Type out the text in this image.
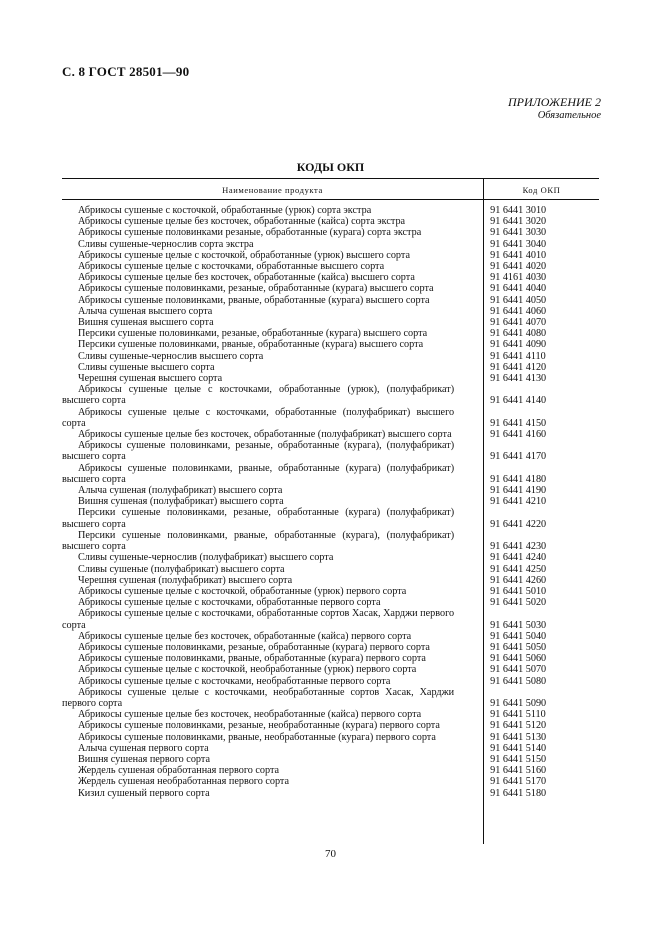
С. 8 ГОСТ 28501—90
ПРИЛОЖЕНИЕ 2
Обязательное
КОДЫ ОКП
Наименование продукта	Код ОКП
Абрикосы сушеные с косточкой, обработанные (урюк) сорта экстра	91 6441 3010
Абрикосы сушеные целые без косточек, обработанные (кайса) сорта экстра	91 6441 3020
Абрикосы сушеные половинками резаные, обработанные (курага) сорта экстра	91 6441 3030
Сливы сушеные-чернослив сорта экстра	91 6441 3040
Абрикосы сушеные целые с косточкой, обработанные (урюк) высшего сорта	91 6441 4010
Абрикосы сушеные целые с косточками, обработанные высшего сорта	91 6441 4020
Абрикосы сушеные целые без косточек, обработанные (кайса) высшего сорта	91 4161 4030
Абрикосы сушеные половинками, резаные, обработанные (курага) высшего сорта	91 6441 4040
Абрикосы сушеные половинками, рваные, обработанные (курага) высшего сорта	91 6441 4050
Алыча сушеная высшего сорта	91 6441 4060
Вишня сушеная высшего сорта	91 6441 4070
Персики сушеные половинками, резаные, обработанные (курага) высшего сорта	91 6441 4080
Персики сушеные половинками, рваные, обработанные (курага) высшего сорта	91 6441 4090
Сливы сушеные-чернослив высшего сорта	91 6441 4110
Сливы сушеные высшего сорта	91 6441 4120
Черешня сушеная высшего сорта	91 6441 4130
Абрикосы сушеные целые с косточками, обработанные (урюк), (полуфабрикат) высшего сорта	91 6441 4140
Абрикосы сушеные целые с косточками, обработанные (полуфабрикат) высшего сорта	91 6441 4150
Абрикосы сушеные целые без косточек, обработанные (полуфабрикат) высшего сорта	91 6441 4160
Абрикосы сушеные половинками, резаные, обработанные (курага), (полуфабрикат) высшего сорта	91 6441 4170
Абрикосы сушеные половинками, рваные, обработанные (курага) (полуфабрикат) высшего сорта	91 6441 4180
Алыча сушеная (полуфабрикат) высшего сорта	91 6441 4190
Вишня сушеная (полуфабрикат) высшего сорта	91 6441 4210
Персики сушеные половинками, резаные, обработанные (курага) (полуфабрикат) высшего сорта	91 6441 4220
Персики сушеные половинками, рваные, обработанные (курага), (полуфабрикат) высшего сорта	91 6441 4230
Сливы сушеные-чернослив (полуфабрикат) высшего сорта	91 6441 4240
Сливы сушеные (полуфабрикат) высшего сорта	91 6441 4250
Черешня сушеная (полуфабрикат) высшего сорта	91 6441 4260
Абрикосы сушеные целые с косточкой, обработанные (урюк) первого сорта	91 6441 5010
Абрикосы сушеные целые с косточками, обработанные первого сорта	91 6441 5020
Абрикосы сушеные целые с косточками, обработанные сортов Хасак, Харджи первого сорта	91 6441 5030
Абрикосы сушеные целые без косточек, обработанные (кайса) первого сорта	91 6441 5040
Абрикосы сушеные половинками, резаные, обработанные (курага) первого сорта	91 6441 5050
Абрикосы сушеные половинками, рваные, обработанные (курага) первого сорта	91 6441 5060
Абрикосы сушеные целые с косточкой, необработанные (урюк) первого сорта	91 6441 5070
Абрикосы сушеные целые с косточками, необработанные первого сорта	91 6441 5080
Абрикосы сушеные целые с косточками, необработанные сортов Хасак, Харджи первого сорта	91 6441 5090
Абрикосы сушеные целые без косточек, необработанные (кайса) первого сорта	91 6441 5110
Абрикосы сушеные половинками, резаные, необработанные (курага) первого сорта	91 6441 5120
Абрикосы сушеные половинками, рваные, необработанные (курага) первого сорта	91 6441 5130
Алыча сушеная первого сорта	91 6441 5140
Вишня сушеная первого сорта	91 6441 5150
Жердель сушеная обработанная первого сорта	91 6441 5160
Жердель сушеная необработанная первого сорта	91 6441 5170
Кизил сушеный первого сорта	91 6441 5180
70
